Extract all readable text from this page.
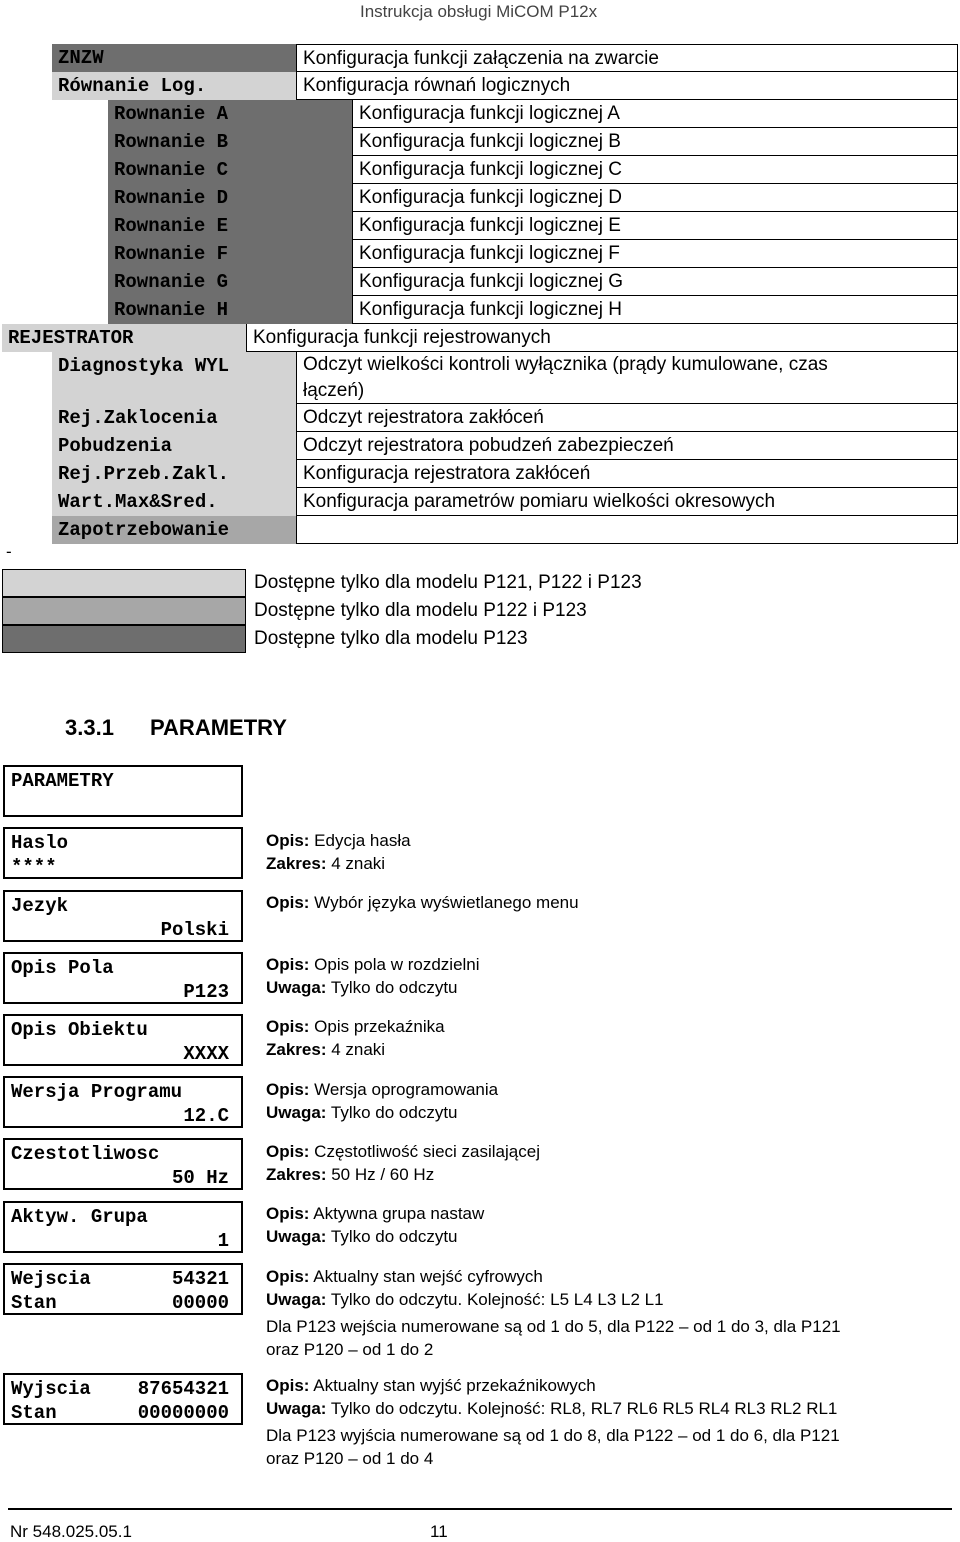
Instrukcja obsługi MiCOM P12x
ZNZW	Konfiguracja funkcji załączenia na zwarcie
Równanie Log.	Konfiguracja równań logicznych
Rownanie A	Konfiguracja funkcji logicznej A
Rownanie B	Konfiguracja funkcji logicznej B
Rownanie C	Konfiguracja funkcji logicznej C
Rownanie D	Konfiguracja funkcji logicznej D
Rownanie E	Konfiguracja funkcji logicznej E
Rownanie F	Konfiguracja funkcji logicznej F
Rownanie G	Konfiguracja funkcji logicznej G
Rownanie H	Konfiguracja funkcji logicznej H
REJESTRATOR	Konfiguracja funkcji rejestrowanych
Diagnostyka WYL	Odczyt wielkości kontroli wyłącznika (prądy kumulowane, czas
łączeń)
Rej.Zaklocenia	Odczyt rejestratora zakłóceń
Pobudzenia	Odczyt rejestratora pobudzeń zabezpieczeń
Rej.Przeb.Zakl.	Konfiguracja rejestratora zakłóceń
Wart.Max&Sred.	Konfiguracja parametrów pomiaru wielkości okresowych
Zapotrzebowanie
-
Dostępne tylko dla modelu P121, P122 i P123
Dostępne tylko dla modelu P122 i P123
Dostępne tylko dla modelu P123
3.3.1 PARAMETRY
PARAMETRY
Haslo
****
Opis: Edycja hasła
Zakres: 4 znaki
Jezyk
Polski
Opis: Wybór języka wyświetlanego menu
Opis Pola
P123
Opis: Opis pola w rozdzielni
Uwaga: Tylko do odczytu
Opis Obiektu
XXXX
Opis: Opis przekaźnika
Zakres: 4 znaki
Wersja Programu
12.C
Opis: Wersja oprogramowania
Uwaga: Tylko do odczytu
Czestotliwosc
50 Hz
Opis: Częstotliwość sieci zasilającej
Zakres: 50 Hz / 60 Hz
Aktyw. Grupa
1
Opis: Aktywna grupa nastaw
Uwaga: Tylko do odczytu
Wejscia	54321
Stan	00000
Opis: Aktualny stan wejść cyfrowych
Uwaga: Tylko do odczytu. Kolejność: L5 L4 L3 L2 L1
Dla P123 wejścia numerowane są od 1 do 5, dla P122 – od 1 do 3, dla P121
oraz P120 – od 1 do 2
Wyjscia 87654321
Stan	00000000
Opis: Aktualny stan wyjść przekaźnikowych
Uwaga: Tylko do odczytu. Kolejność: RL8, RL7 RL6 RL5 RL4 RL3 RL2 RL1
Dla P123 wyjścia numerowane są od 1 do 8, dla P122 – od 1 do 6, dla P121
oraz P120 – od 1 do 4
Nr 548.025.05.1	11
